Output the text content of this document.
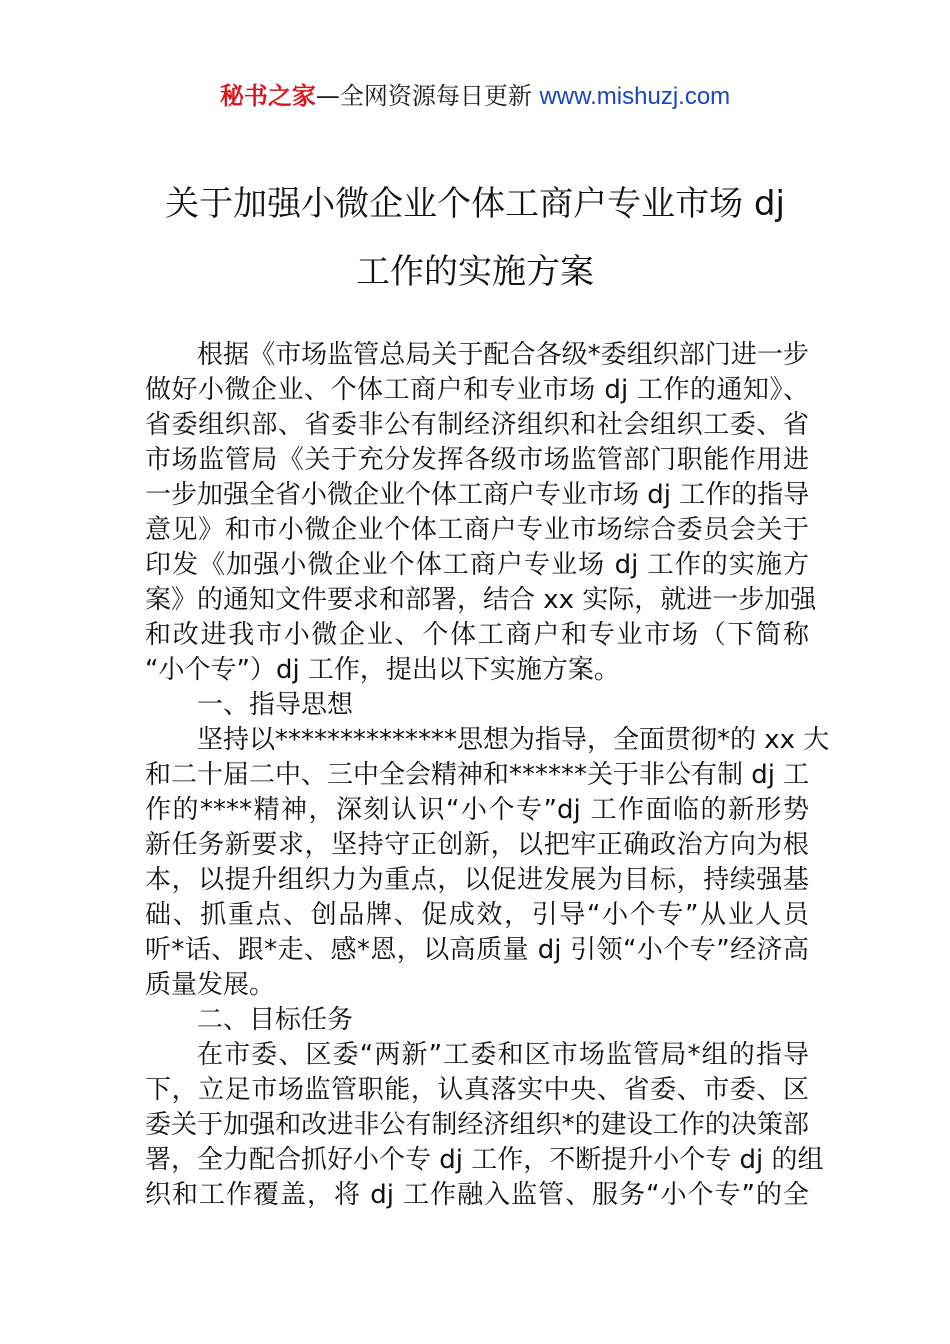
秘书之家—全网资源每日更新 www.mishuzj.com
关于加强小微企业个体工商户专业市场 dj
工作的实施方案
根据《市场监管总局关于配合各级*委组织部门进一步
做好小微企业、个体工商户和专业市场 dj 工作的通知》、
省委组织部、省委非公有制经济组织和社会组织工委、省
市场监管局《关于充分发挥各级市场监管部门职能作用进
一步加强全省小微企业个体工商户专业市场 dj 工作的指导
意见》和市小微企业个体工商户专业市场综合委员会关于
印发《加强小微企业个体工商户专业场 dj 工作的实施方
案》的通知文件要求和部署，结合 xx 实际，就进一步加强
和改进我市小微企业、个体工商户和专业市场（下简称
“小个专”）dj 工作，提出以下实施方案。
一、指导思想
坚持以**************思想为指导，全面贯彻*的 xx 大
和二十届二中、三中全会精神和******关于非公有制 dj 工
作的****精神，深刻认识“小个专”dj 工作面临的新形势
新任务新要求，坚持守正创新，以把牢正确政治方向为根
本，以提升组织力为重点，以促进发展为目标，持续强基
础、抓重点、创品牌、促成效，引导“小个专”从业人员
听*话、跟*走、感*恩，以高质量 dj 引领“小个专”经济高
质量发展。
二、目标任务
在市委、区委“两新”工委和区市场监管局*组的指导
下，立足市场监管职能，认真落实中央、省委、市委、区
委关于加强和改进非公有制经济组织*的建设工作的决策部
署，全力配合抓好小个专 dj 工作，不断提升小个专 dj 的组
织和工作覆盖，将 dj 工作融入监管、服务“小个专”的全
